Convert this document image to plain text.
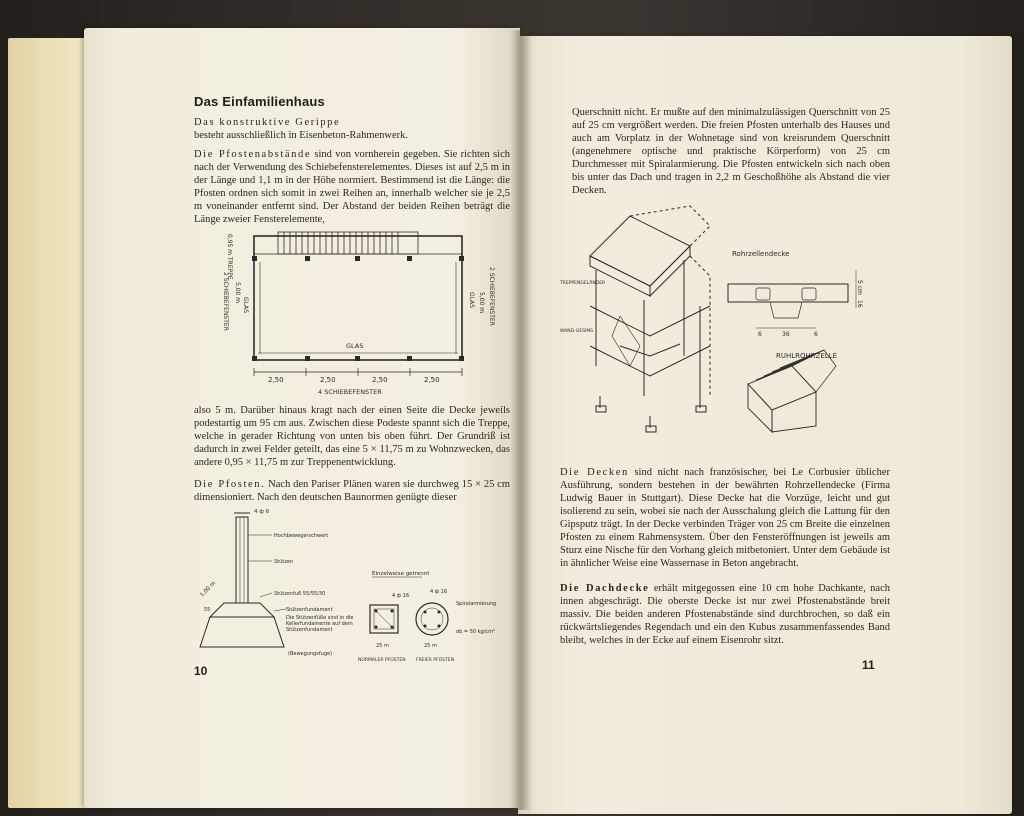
Das Einfamilienhaus
Das konstruktive Gerippe
besteht ausschließlich in Eisenbeton-Rahmenwerk.
Die Pfostenabstände sind von vornherein gegeben. Sie richten sich nach der Verwendung des Schiebefensterelementes. Dieses ist auf 2,5 m in der Länge und 1,1 m in der Höhe normiert. Bestimmend ist die Länge: die Pfosten ordnen sich somit in zwei Reihen an, innerhalb welcher sie je 2,5 m voneinander entfernt sind. Der Abstand der beiden Reihen beträgt die Länge zweier Fensterelemente,
0,95 m TREPPE
GLAS
5,00 m
2 SCHIEBEFENSTER	GLAS 5,00 m 2 SCHIEBEFENSTER
GLAS
2,50	2,50	2,50	2,50
4 SCHIEBEFENSTER
also 5 m. Darüber hinaus kragt nach der einen Seite die Decke jeweils podestartig um 95 cm aus. Zwischen diese Podeste spannt sich die Treppe, welche in gerader Richtung von unten bis oben führt. Der Grundriß ist dadurch in zwei Felder geteilt, das eine 5 × 11,75 m zu Wohnzwecken, das andere 0,95 × 11,75 m zur Treppenentwicklung.
Die Pfosten. Nach den Pariser Plänen waren sie durchweg 15 × 25 cm dimensioniert. Nach den deutschen Baunormen genügte dieser
4 ф 6
Hochbewegerschwert
Stützen
Stützenfuß 55/55/30
Stützenfundament
Die Stützenfüße sind in die Kellerfundamente auf dem Stützenfundament
(Bewegungsfuge)
1,00 m
55
Einzelweise getrennt
4 ф 16
4 ф 16
25 m	25 m
NORMALER PFOSTEN FREIER PFOSTEN
Spiralarmierung
σb = 50 kg/cm²
10
Querschnitt nicht. Er mußte auf den minimalzulässigen Querschnitt von 25 auf 25 cm vergrößert werden. Die freien Pfosten unterhalb des Hauses und auch am Vorplatz in der Wohnetage sind von kreisrundem Querschnitt (angenehmere optische und praktische Körperform) von 25 cm Durchmesser mit Spiralarmierung. Die Pfosten entwickeln sich nach oben bis unter das Dach und tragen in 2,2 m Geschoßhöhe als Abstand die vier Decken.
TREPPENGELÄNDER
WAND-GESIMS
Rohrzellendecke
5 cm
16
6	36	6
RUHLROHRZELLE
Die Decken sind nicht nach französischer, bei Le Corbusier üblicher Ausführung, sondern bestehen in der bewährten Rohrzellendecke (Firma Ludwig Bauer in Stuttgart). Diese Decke hat die Vorzüge, leicht und gut isolierend zu sein, wobei sie nach der Ausschalung gleich die Lattung für den Gipsputz trägt. In der Decke verbinden Träger von 25 cm Breite die einzelnen Pfosten zu einem Rahmensystem. Über den Fensteröffnungen ist jeweils am Sturz eine Nische für den Vorhang gleich mitbetoniert. Unter dem Gebäude ist in ähnlicher Weise eine Wassernase in Beton angebracht.
Die Dachdecke erhält mitgegossen eine 10 cm hohe Dachkante, nach innen abgeschrägt. Die oberste Decke ist nur zwei Pfostenabstände breit massiv. Die beiden anderen Pfostenabstände sind durchbrochen, so daß ein rückwärtsliegendes Regendach und ein den Kubus zusammenfassendes Band bleibt, welches in der Ecke auf einem Eisenrohr sitzt.
11
